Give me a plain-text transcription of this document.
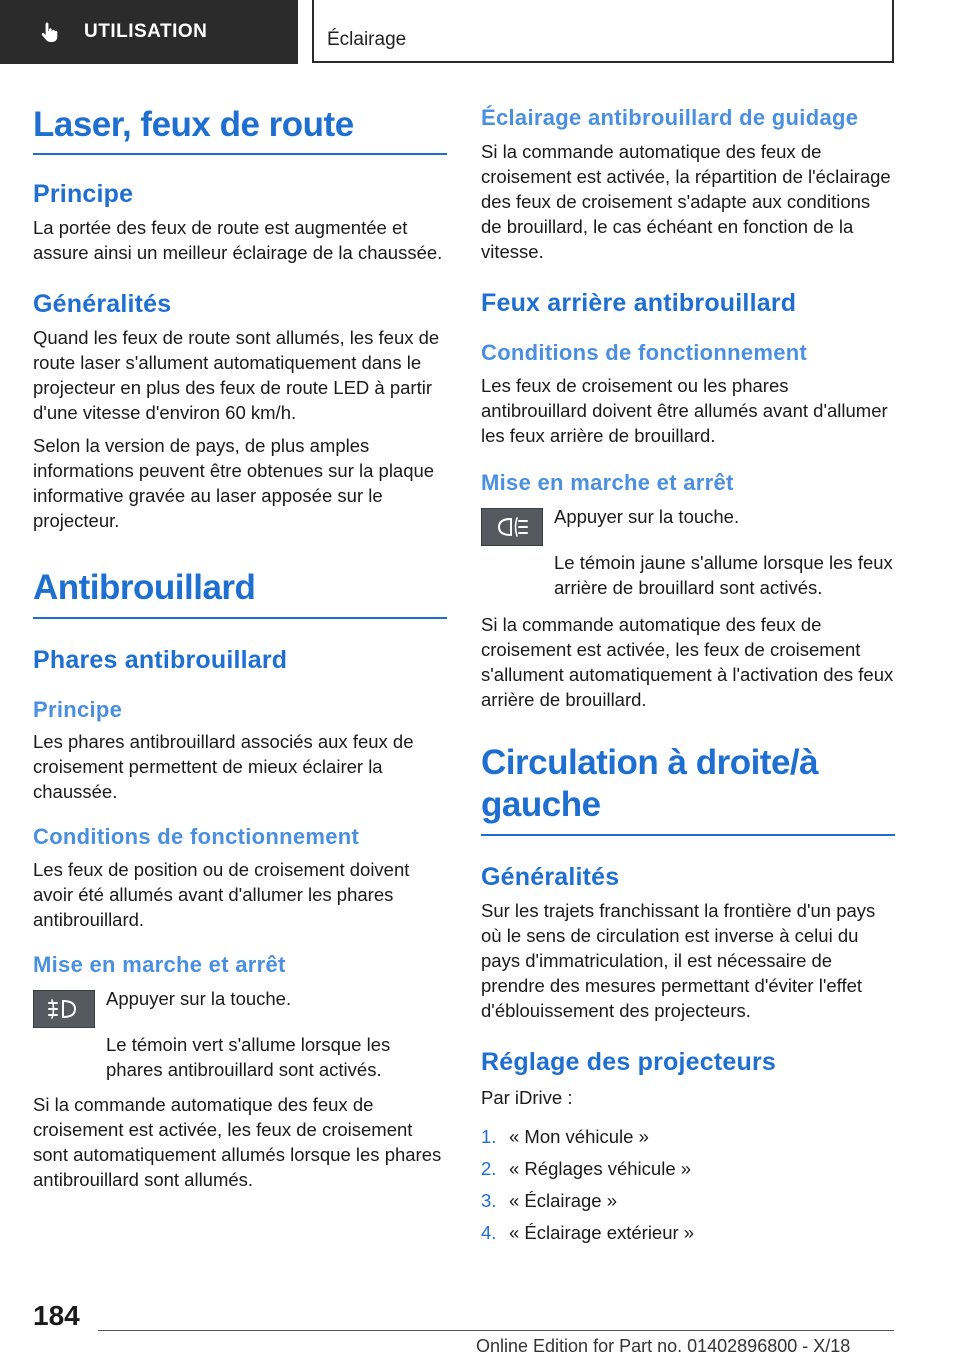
UTILISATION	Éclairage
Laser, feux de route
Principe

La portée des feux de route est augmentée et assure ainsi un meilleur éclairage de la chaussée.

Généralités

Quand les feux de route sont allumés, les feux de route laser s'allument automatiquement dans le projecteur en plus des feux de route LED à partir d'une vitesse d'environ 60 km/h.

Selon la version de pays, de plus amples informations peuvent être obtenues sur la plaque informative gravée au laser apposée sur le projecteur.

Antibrouillard
Phares antibrouillard
Principe

Les phares antibrouillard associés aux feux de croisement permettent de mieux éclairer la chaussée.

Conditions de fonctionnement

Les feux de position ou de croisement doivent avoir été allumés avant d'allumer les phares antibrouillard.

Mise en marche et arrêt

Appuyer sur la touche.

Le témoin vert s'allume lorsque les phares antibrouillard sont activés.

Si la commande automatique des feux de croisement est activée, les feux de croisement sont automatiquement allumés lorsque les phares antibrouillard sont allumés.

Éclairage antibrouillard de guidage

Si la commande automatique des feux de croisement est activée, la répartition de l'éclairage des feux de croisement s'adapte aux conditions de brouillard, le cas échéant en fonction de la vitesse.

Feux arrière antibrouillard
Conditions de fonctionnement

Les feux de croisement ou les phares antibrouillard doivent être allumés avant d'allumer les feux arrière de brouillard.

Mise en marche et arrêt

Appuyer sur la touche.

Le témoin jaune s'allume lorsque les feux arrière de brouillard sont activés.

Si la commande automatique des feux de croisement est activée, les feux de croisement s'allument automatiquement à l'activation des feux arrière de brouillard.

Circulation à droite/à gauche
Généralités

Sur les trajets franchissant la frontière d'un pays où le sens de circulation est inverse à celui du pays d'immatriculation, il est nécessaire de prendre des mesures permettant d'éviter l'effet d'éblouissement des projecteurs.

Réglage des projecteurs

Par iDrive :

1. « Mon véhicule »
2. « Réglages véhicule »
3. « Éclairage »
4. « Éclairage extérieur »
184
Online Edition for Part no. 01402896800 - X/18
